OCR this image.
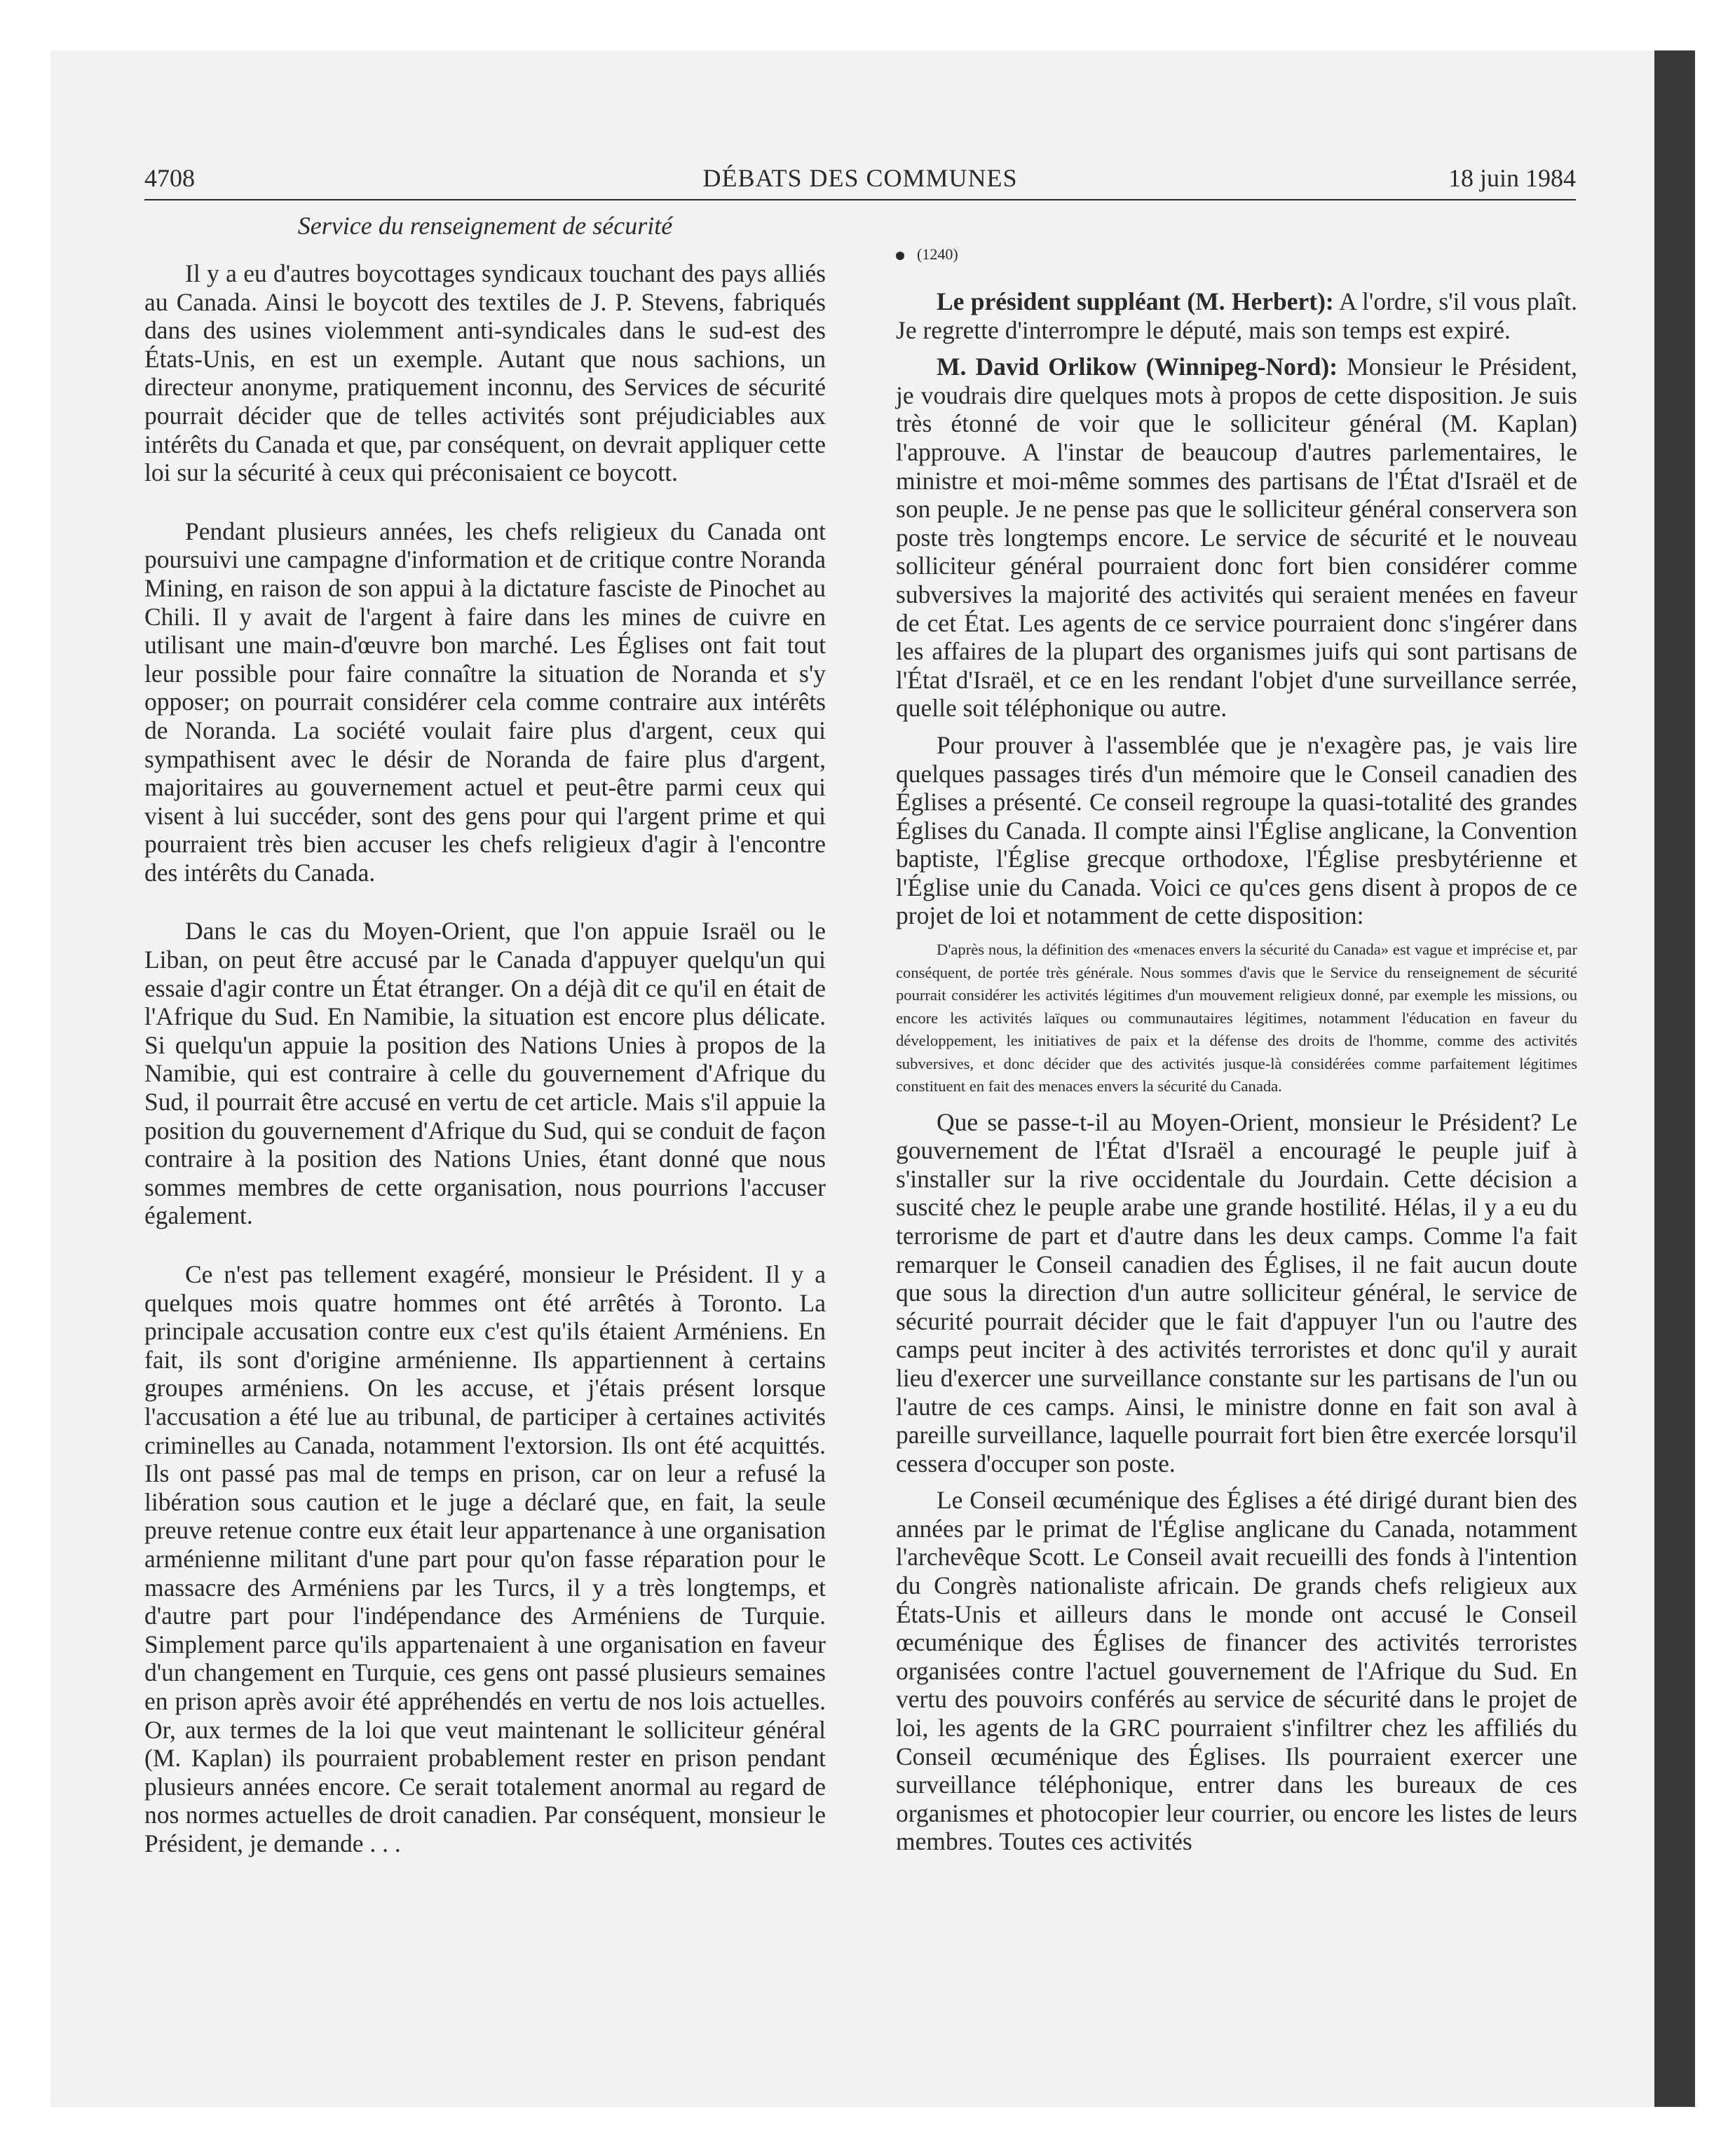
4708	DÉBATS DES COMMUNES	18 juin 1984
Service du renseignement de sécurité

Il y a eu d'autres boycottages syndicaux touchant des pays alliés au Canada. Ainsi le boycott des textiles de J. P. Stevens, fabriqués dans des usines violemment anti-syndicales dans le sud-est des États-Unis, en est un exemple. Autant que nous sachions, un directeur anonyme, pratiquement inconnu, des Services de sécurité pourrait décider que de telles activités sont préjudiciables aux intérêts du Canada et que, par conséquent, on devrait appliquer cette loi sur la sécurité à ceux qui préconisaient ce boycott.

Pendant plusieurs années, les chefs religieux du Canada ont poursuivi une campagne d'information et de critique contre Noranda Mining, en raison de son appui à la dictature fasciste de Pinochet au Chili. Il y avait de l'argent à faire dans les mines de cuivre en utilisant une main-d'œuvre bon marché. Les Églises ont fait tout leur possible pour faire connaître la situation de Noranda et s'y opposer; on pourrait considérer cela comme contraire aux intérêts de Noranda. La société voulait faire plus d'argent, ceux qui sympathisent avec le désir de Noranda de faire plus d'argent, majoritaires au gouvernement actuel et peut-être parmi ceux qui visent à lui succéder, sont des gens pour qui l'argent prime et qui pourraient très bien accuser les chefs religieux d'agir à l'encontre des intérêts du Canada.

Dans le cas du Moyen-Orient, que l'on appuie Israël ou le Liban, on peut être accusé par le Canada d'appuyer quelqu'un qui essaie d'agir contre un État étranger. On a déjà dit ce qu'il en était de l'Afrique du Sud. En Namibie, la situation est encore plus délicate. Si quelqu'un appuie la position des Nations Unies à propos de la Namibie, qui est contraire à celle du gouvernement d'Afrique du Sud, il pourrait être accusé en vertu de cet article. Mais s'il appuie la position du gouvernement d'Afrique du Sud, qui se conduit de façon contraire à la position des Nations Unies, étant donné que nous sommes membres de cette organisation, nous pourrions l'accuser également.

Ce n'est pas tellement exagéré, monsieur le Président. Il y a quelques mois quatre hommes ont été arrêtés à Toronto. La principale accusation contre eux c'est qu'ils étaient Arméniens. En fait, ils sont d'origine arménienne. Ils appartiennent à certains groupes arméniens. On les accuse, et j'étais présent lorsque l'accusation a été lue au tribunal, de participer à certaines activités criminelles au Canada, notamment l'extorsion. Ils ont été acquittés. Ils ont passé pas mal de temps en prison, car on leur a refusé la libération sous caution et le juge a déclaré que, en fait, la seule preuve retenue contre eux était leur appartenance à une organisation arménienne militant d'une part pour qu'on fasse réparation pour le massacre des Arméniens par les Turcs, il y a très longtemps, et d'autre part pour l'indépendance des Arméniens de Turquie. Simplement parce qu'ils appartenaient à une organisation en faveur d'un changement en Turquie, ces gens ont passé plusieurs semaines en prison après avoir été appréhendés en vertu de nos lois actuelles. Or, aux termes de la loi que veut maintenant le solliciteur général (M. Kaplan) ils pourraient probablement rester en prison pendant plusieurs années encore. Ce serait totalement anormal au regard de nos normes actuelles de droit canadien. Par conséquent, monsieur le Président, je demande . . .

(1240)

Le président suppléant (M. Herbert): A l'ordre, s'il vous plaît. Je regrette d'interrompre le député, mais son temps est expiré.

M. David Orlikow (Winnipeg-Nord): Monsieur le Président, je voudrais dire quelques mots à propos de cette disposition. Je suis très étonné de voir que le solliciteur général (M. Kaplan) l'approuve. A l'instar de beaucoup d'autres parlementaires, le ministre et moi-même sommes des partisans de l'État d'Israël et de son peuple. Je ne pense pas que le solliciteur général conservera son poste très longtemps encore. Le service de sécurité et le nouveau solliciteur général pourraient donc fort bien considérer comme subversives la majorité des activités qui seraient menées en faveur de cet État. Les agents de ce service pourraient donc s'ingérer dans les affaires de la plupart des organismes juifs qui sont partisans de l'État d'Israël, et ce en les rendant l'objet d'une surveillance serrée, quelle soit téléphonique ou autre.

Pour prouver à l'assemblée que je n'exagère pas, je vais lire quelques passages tirés d'un mémoire que le Conseil canadien des Églises a présenté. Ce conseil regroupe la quasi-totalité des grandes Églises du Canada. Il compte ainsi l'Église anglicane, la Convention baptiste, l'Église grecque orthodoxe, l'Église presbytérienne et l'Église unie du Canada. Voici ce qu'ces gens disent à propos de ce projet de loi et notamment de cette disposition:

D'après nous, la définition des «menaces envers la sécurité du Canada» est vague et imprécise et, par conséquent, de portée très générale. Nous sommes d'avis que le Service du renseignement de sécurité pourrait considérer les activités légitimes d'un mouvement religieux donné, par exemple les missions, ou encore les activités laïques ou communautaires légitimes, notamment l'éducation en faveur du développement, les initiatives de paix et la défense des droits de l'homme, comme des activités subversives, et donc décider que des activités jusque-là considérées comme parfaitement légitimes constituent en fait des menaces envers la sécurité du Canada.

Que se passe-t-il au Moyen-Orient, monsieur le Président? Le gouvernement de l'État d'Israël a encouragé le peuple juif à s'installer sur la rive occidentale du Jourdain. Cette décision a suscité chez le peuple arabe une grande hostilité. Hélas, il y a eu du terrorisme de part et d'autre dans les deux camps. Comme l'a fait remarquer le Conseil canadien des Églises, il ne fait aucun doute que sous la direction d'un autre solliciteur général, le service de sécurité pourrait décider que le fait d'appuyer l'un ou l'autre des camps peut inciter à des activités terroristes et donc qu'il y aurait lieu d'exercer une surveillance constante sur les partisans de l'un ou l'autre de ces camps. Ainsi, le ministre donne en fait son aval à pareille surveillance, laquelle pourrait fort bien être exercée lorsqu'il cessera d'occuper son poste.

Le Conseil œcuménique des Églises a été dirigé durant bien des années par le primat de l'Église anglicane du Canada, notamment l'archevêque Scott. Le Conseil avait recueilli des fonds à l'intention du Congrès nationaliste africain. De grands chefs religieux aux États-Unis et ailleurs dans le monde ont accusé le Conseil œcuménique des Églises de financer des activités terroristes organisées contre l'actuel gouvernement de l'Afrique du Sud. En vertu des pouvoirs conférés au service de sécurité dans le projet de loi, les agents de la GRC pourraient s'infiltrer chez les affiliés du Conseil œcuménique des Églises. Ils pourraient exercer une surveillance téléphonique, entrer dans les bureaux de ces organismes et photocopier leur courrier, ou encore les listes de leurs membres. Toutes ces activités
